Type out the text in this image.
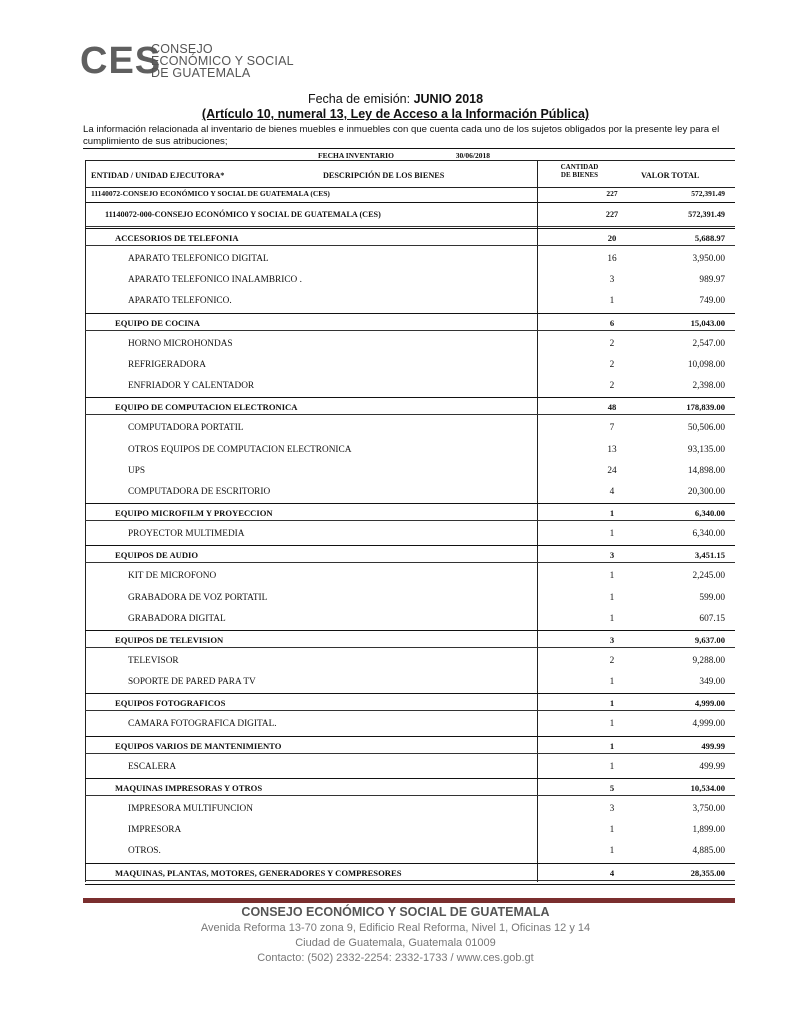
CES
CONSEJO
ECONÓMICO Y SOCIAL
DE GUATEMALA
Fecha de emisión: JUNIO 2018
(Artículo 10, numeral 13, Ley de Acceso a la Información Pública)
La información relacionada al inventario de bienes muebles e inmuebles con que cuenta cada uno de los sujetos obligados por la presente ley para el cumplimiento de sus atribuciones;
FECHA INVENTARIO	30/06/2018
ENTIDAD / UNIDAD EJECUTORA*	DESCRIPCIÓN DE LOS BIENES
CANTIDAD
DE BIENES	VALOR TOTAL
11140072-CONSEJO ECONÓMICO Y SOCIAL DE GUATEMALA (CES)	227	572,391.49
11140072-000-CONSEJO ECONÓMICO Y SOCIAL DE GUATEMALA (CES)	227	572,391.49
ACCESORIOS DE TELEFONIA	20	5,688.97
APARATO TELEFONICO DIGITAL	16	3,950.00
APARATO TELEFONICO INALAMBRICO .	3	989.97
APARATO TELEFONICO.	1	749.00
EQUIPO DE COCINA	6	15,043.00
HORNO MICROHONDAS	2	2,547.00
REFRIGERADORA	2	10,098.00
ENFRIADOR Y CALENTADOR	2	2,398.00
EQUIPO DE COMPUTACION ELECTRONICA	48	178,839.00
COMPUTADORA PORTATIL	7	50,506.00
OTROS EQUIPOS DE COMPUTACION ELECTRONICA	13	93,135.00
UPS	24	14,898.00
COMPUTADORA DE ESCRITORIO	4	20,300.00
EQUIPO MICROFILM Y PROYECCION	1	6,340.00
PROYECTOR MULTIMEDIA	1	6,340.00
EQUIPOS DE AUDIO	3	3,451.15
KIT DE MICROFONO	1	2,245.00
GRABADORA DE VOZ PORTATIL	1	599.00
GRABADORA DIGITAL	1	607.15
EQUIPOS DE TELEVISION	3	9,637.00
TELEVISOR	2	9,288.00
SOPORTE DE PARED PARA TV	1	349.00
EQUIPOS FOTOGRAFICOS	1	4,999.00
CAMARA FOTOGRAFICA DIGITAL.	1	4,999.00
EQUIPOS VARIOS DE MANTENIMIENTO	1	499.99
ESCALERA	1	499.99
MAQUINAS IMPRESORAS Y OTROS	5	10,534.00
IMPRESORA MULTIFUNCION	3	3,750.00
IMPRESORA	1	1,899.00
OTROS.	1	4,885.00
MAQUINAS, PLANTAS, MOTORES, GENERADORES Y COMPRESORES	4	28,355.00
CONSEJO ECONÓMICO Y SOCIAL DE GUATEMALA
Avenida Reforma 13-70 zona 9, Edificio Real Reforma, Nivel 1, Oficinas 12 y 14
Ciudad de Guatemala, Guatemala 01009
Contacto: (502) 2332-2254: 2332-1733 / www.ces.gob.gt
